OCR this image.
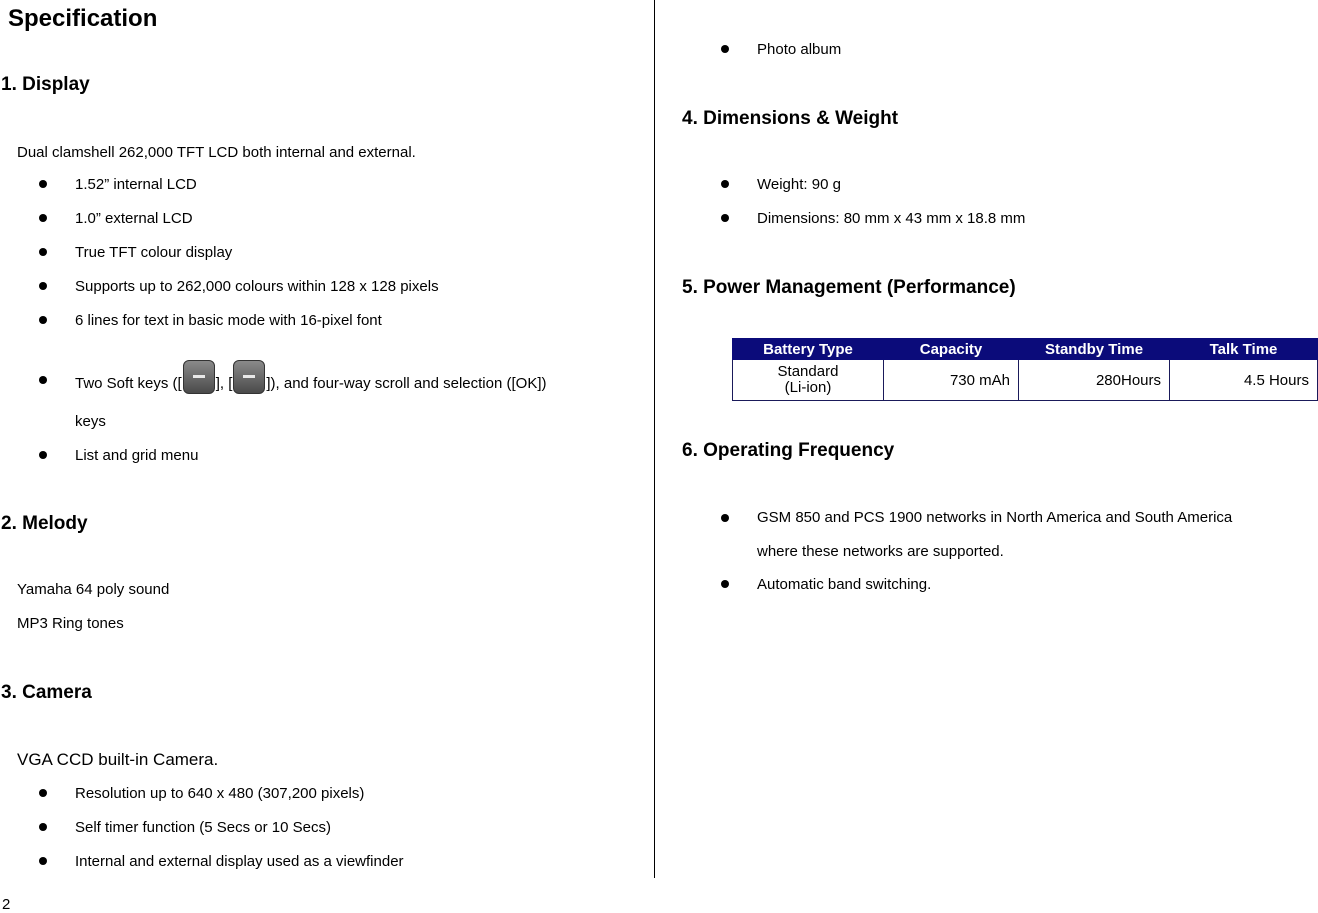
Specification
1. Display
Dual clamshell 262,000 TFT LCD both internal and external.
1.52” internal LCD
1.0” external LCD
True TFT colour display
Supports up to 262,000 colours within 128 x 128 pixels
6 lines for text in basic mode with 16-pixel font
Two Soft keys ([ ], [ ]), and four-way scroll and selection ([OK])
keys
List and grid menu
2. Melody
Yamaha 64 poly sound
MP3 Ring tones
3. Camera
VGA CCD built-in Camera.
Resolution up to 640 x 480 (307,200 pixels)
Self timer function (5 Secs or 10 Secs)
Internal and external display used as a viewfinder
Photo album
4. Dimensions & Weight
Weight: 90 g
Dimensions: 80 mm x 43 mm x 18.8 mm
5. Power Management (Performance)
Battery Type	Capacity	Standby Time	Talk Time

Standard
(Li-ion)	730 mAh	280Hours	4.5 Hours
6. Operating Frequency
GSM 850 and PCS 1900 networks in North America and South America
where these networks are supported.
Automatic band switching.
2
